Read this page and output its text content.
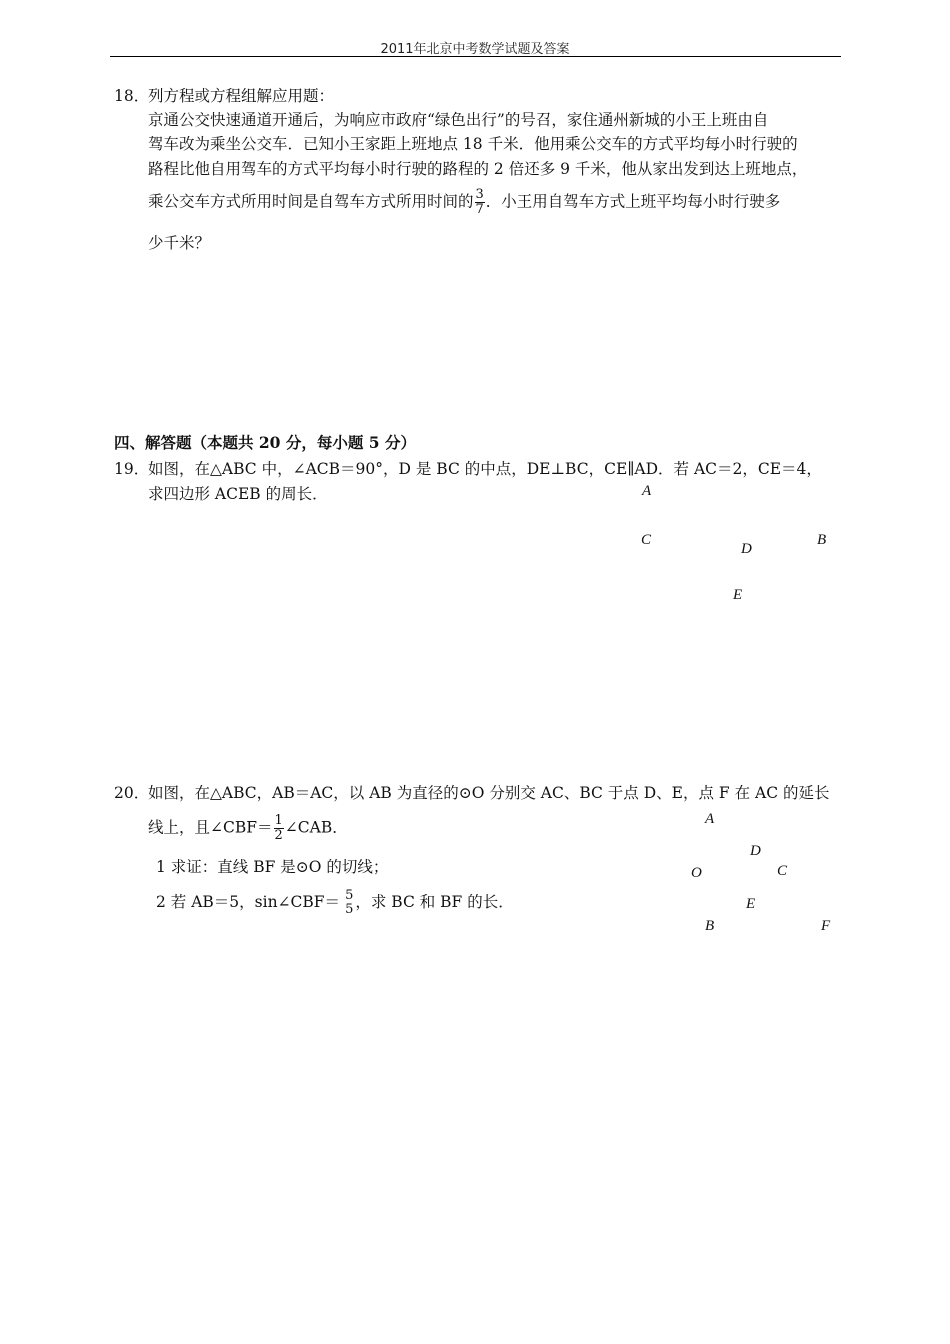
2011年北京中考数学试题及答案
18．
列方程或方程组解应用题：
京通公交快速通道开通后，为响应市政府“绿色出行”的号召，家住通州新城的小王上班由自
驾车改为乘坐公交车．已知小王家距上班地点 18 千米．他用乘公交车的方式平均每小时行驶的
路程比他自用驾车的方式平均每小时行驶的路程的 2 倍还多 9 千米，他从家出发到达上班地点，
乘公交车方式所用时间是自驾车方式所用时间的 $\frac{3}{7}$ ．小王用自驾车方式上班平均每小时行驶多
少千米？
四、解答题（本题共 20 分，每小题 5 分）
19．
如图，在△ABC 中，∠ACB＝90°，D 是 BC 的中点，DE⊥BC，CE∥AD．若 AC＝2，CE＝4，
求四边形 ACEB 的周长．	A
C
D
B
E
20．
如图，在△ABC，AB＝AC，以 AB 为直径的⊙O 分别交 AC、BC 于点 D、E，点 F 在 AC 的延长
线上，且∠CBF＝ $\frac{1}{2}$ ∠CAB．
1 求证：直线 BF 是⊙O 的切线；
2 若 AB＝5，sin∠CBF＝ 5
5 ，求 BC 和 BF 的长．
A
D
O	C
E
B	F
